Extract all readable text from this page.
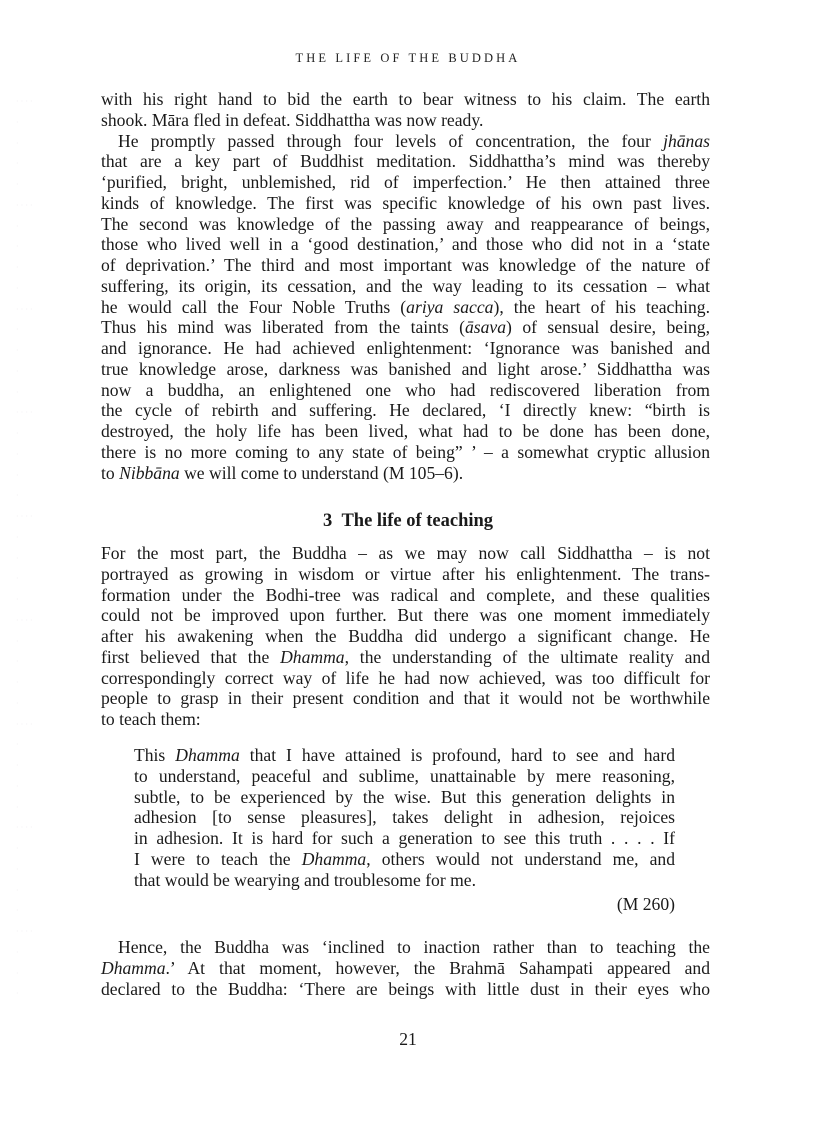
····
·
·
·
·
····
·
·
·
·
····
·
·
·
·
····
·
·
·
·
····
·
·
·
·
····
·
·
·
·
····
·
·
·
·
····
·
·
·
·
····
·
·
·
THE LIFE OF THE BUDDHA
with his right hand to bid the earth to bear witness to his claim. The earth
shook. Māra fled in defeat. Siddhattha was now ready.
He promptly passed through four levels of concentration, the four jhānas
that are a key part of Buddhist meditation. Siddhattha’s mind was thereby
‘purified, bright, unblemished, rid of imperfection.’ He then attained three
kinds of knowledge. The first was specific knowledge of his own past lives.
The second was knowledge of the passing away and reappearance of beings,
those who lived well in a ‘good destination,’ and those who did not in a ‘state
of deprivation.’ The third and most important was knowledge of the nature of
suffering, its origin, its cessation, and the way leading to its cessation – what
he would call the Four Noble Truths (ariya sacca), the heart of his teaching.
Thus his mind was liberated from the taints (āsava) of sensual desire, being,
and ignorance. He had achieved enlightenment: ‘Ignorance was banished and
true knowledge arose, darkness was banished and light arose.’ Siddhattha was
now a buddha, an enlightened one who had rediscovered liberation from
the cycle of rebirth and suffering. He declared, ‘I directly knew: “birth is
destroyed, the holy life has been lived, what had to be done has been done,
there is no more coming to any state of being” ’ – a somewhat cryptic allusion
to Nibbāna we will come to understand (M 105–6).
3 The life of teaching
For the most part, the Buddha – as we may now call Siddhattha – is not
portrayed as growing in wisdom or virtue after his enlightenment. The trans-
formation under the Bodhi-tree was radical and complete, and these qualities
could not be improved upon further. But there was one moment immediately
after his awakening when the Buddha did undergo a significant change. He
first believed that the Dhamma, the understanding of the ultimate reality and
correspondingly correct way of life he had now achieved, was too difficult for
people to grasp in their present condition and that it would not be worthwhile
to teach them:
This Dhamma that I have attained is profound, hard to see and hard
to understand, peaceful and sublime, unattainable by mere reasoning,
subtle, to be experienced by the wise. But this generation delights in
adhesion [to sense pleasures], takes delight in adhesion, rejoices
in adhesion. It is hard for such a generation to see this truth . . . . If
I were to teach the Dhamma, others would not understand me, and
that would be wearying and troublesome for me.
(M 260)
Hence, the Buddha was ‘inclined to inaction rather than to teaching the
Dhamma.’ At that moment, however, the Brahmā Sahampati appeared and
declared to the Buddha: ‘There are beings with little dust in their eyes who
21
